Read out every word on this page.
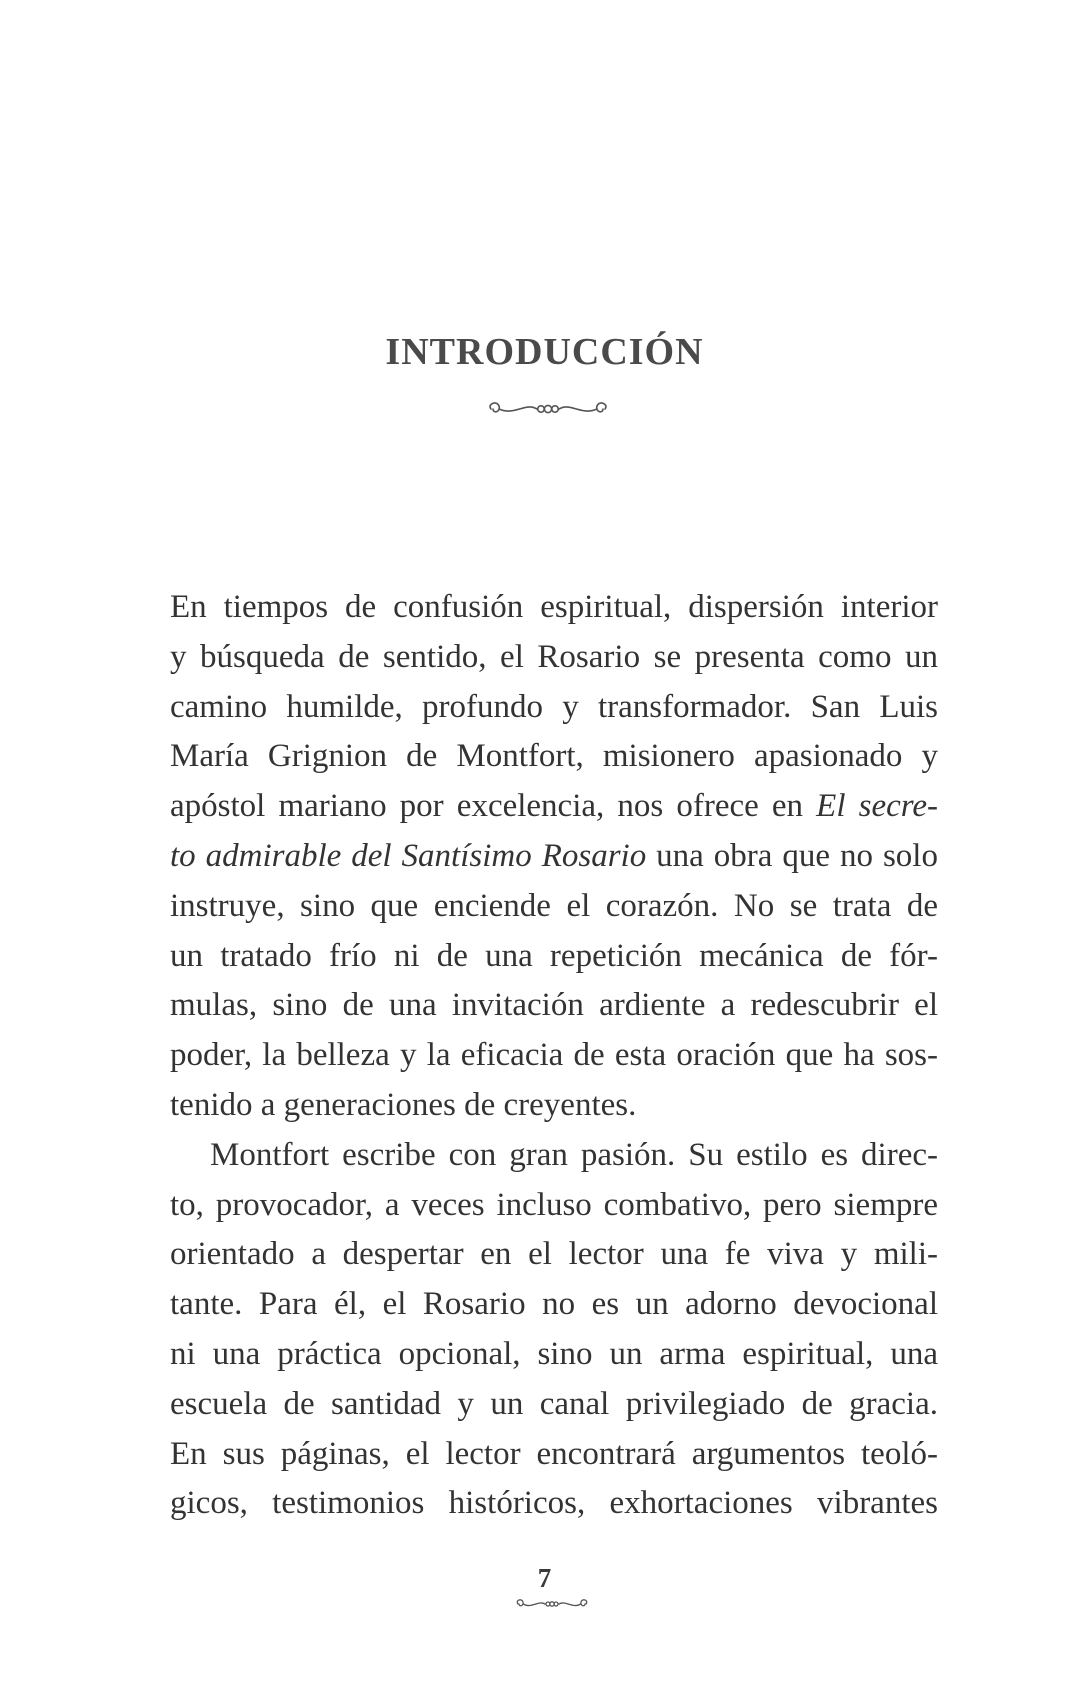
INTRODUCCIÓN
En tiempos de confusión espiritual, dispersión interior
y búsqueda de sentido, el Rosario se presenta como un
camino humilde, profundo y transformador. San Luis
María Grignion de Montfort, misionero apasionado y
apóstol mariano por excelencia, nos ofrece en El secre-
to admirable del Santísimo Rosario una obra que no solo
instruye, sino que enciende el corazón. No se trata de
un tratado frío ni de una repetición mecánica de fór-
mulas, sino de una invitación ardiente a redescubrir el
poder, la belleza y la eficacia de esta oración que ha sos-
tenido a generaciones de creyentes.
Montfort escribe con gran pasión. Su estilo es direc-
to, provocador, a veces incluso combativo, pero siempre
orientado a despertar en el lector una fe viva y mili-
tante. Para él, el Rosario no es un adorno devocional
ni una práctica opcional, sino un arma espiritual, una
escuela de santidad y un canal privilegiado de gracia.
En sus páginas, el lector encontrará argumentos teoló-
gicos, testimonios históricos, exhortaciones vibrantes
7
